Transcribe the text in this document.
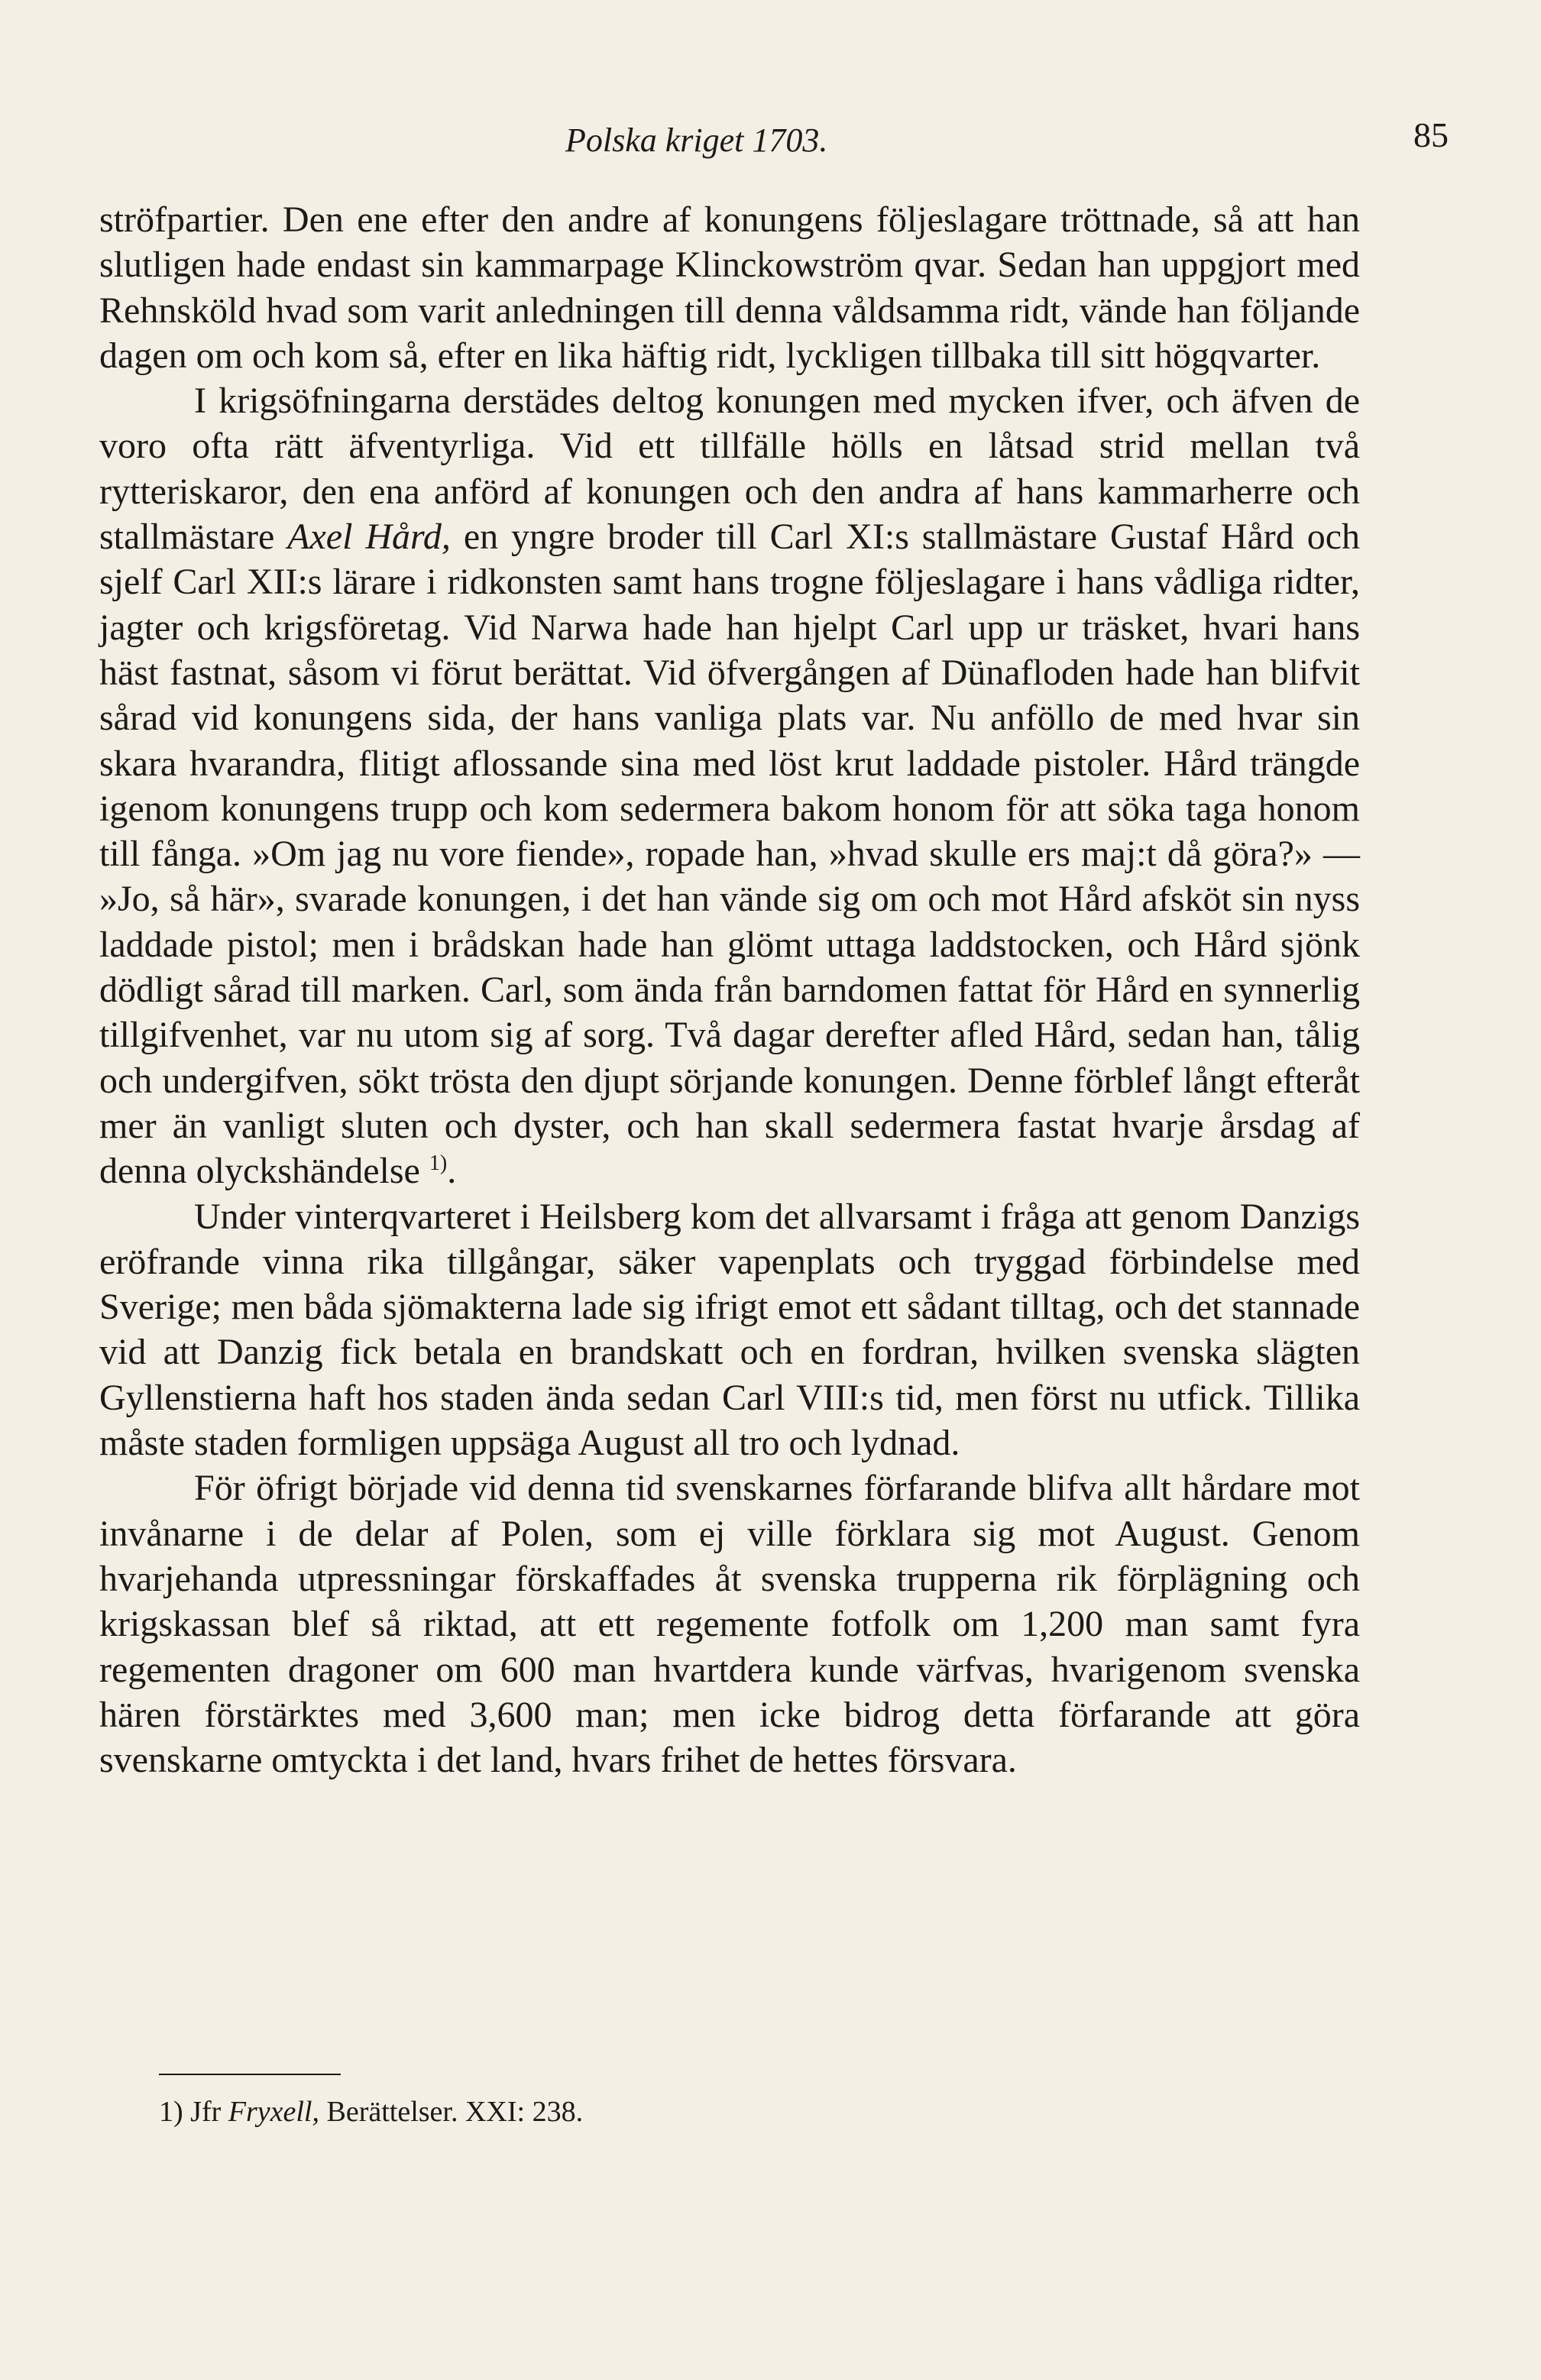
Polska kriget 1703.	85

ströfpartier. Den ene efter den andre af konungens följeslagare tröttnade, så att han slutligen hade endast sin kammarpage Klinckowström qvar. Sedan han uppgjort med Rehnsköld hvad som varit anledningen till denna våldsamma ridt, vände han följande dagen om och kom så, efter en lika häftig ridt, lyckligen tillbaka till sitt högqvarter.

I krigsöfningarna derstädes deltog konungen med mycken ifver, och äfven de voro ofta rätt äfventyrliga. Vid ett tillfälle hölls en låtsad strid mellan två rytteriskaror, den ena anförd af konungen och den andra af hans kammarherre och stallmästare Axel Hård, en yngre broder till Carl XI:s stallmästare Gustaf Hård och sjelf Carl XII:s lärare i ridkonsten samt hans trogne följeslagare i hans vådliga ridter, jagter och krigsföretag. Vid Narwa hade han hjelpt Carl upp ur träsket, hvari hans häst fastnat, såsom vi förut berättat. Vid öfvergången af Dünafloden hade han blifvit sårad vid konungens sida, der hans vanliga plats var. Nu anföllo de med hvar sin skara hvarandra, flitigt aflossande sina med löst krut laddade pistoler. Hård trängde igenom konungens trupp och kom sedermera bakom honom för att söka taga honom till fånga. »Om jag nu vore fiende», ropade han, »hvad skulle ers maj:t då göra?» — »Jo, så här», svarade konungen, i det han vände sig om och mot Hård afsköt sin nyss laddade pistol; men i brådskan hade han glömt uttaga laddstocken, och Hård sjönk dödligt sårad till marken. Carl, som ända från barndomen fattat för Hård en synnerlig tillgifvenhet, var nu utom sig af sorg. Två dagar derefter afled Hård, sedan han, tålig och undergifven, sökt trösta den djupt sörjande konungen. Denne förblef långt efteråt mer än vanligt sluten och dyster, och han skall sedermera fastat hvarje årsdag af denna olyckshändelse $^{1)}$.

Under vinterqvarteret i Heilsberg kom det allvarsamt i fråga att genom Danzigs eröfrande vinna rika tillgångar, säker vapenplats och tryggad förbindelse med Sverige; men båda sjömakterna lade sig ifrigt emot ett sådant tilltag, och det stannade vid att Danzig fick betala en brandskatt och en fordran, hvilken svenska slägten Gyllenstierna haft hos staden ända sedan Carl VIII:s tid, men först nu utfick. Tillika måste staden formligen uppsäga August all tro och lydnad.

För öfrigt började vid denna tid svenskarnes förfarande blifva allt hårdare mot invånarne i de delar af Polen, som ej ville förklara sig mot August. Genom hvarjehanda utpressningar förskaffades åt svenska trupperna rik förplägning och krigskassan blef så riktad, att ett regemente fotfolk om 1,200 man samt fyra regementen dragoner om 600 man hvartdera kunde värfvas, hvarigenom svenska hären förstärktes med 3,600 man; men icke bidrog detta förfarande att göra svenskarne omtyckta i det land, hvars frihet de hettes försvara.

1) Jfr Fryxell, Berättelser. XXI: 238.
